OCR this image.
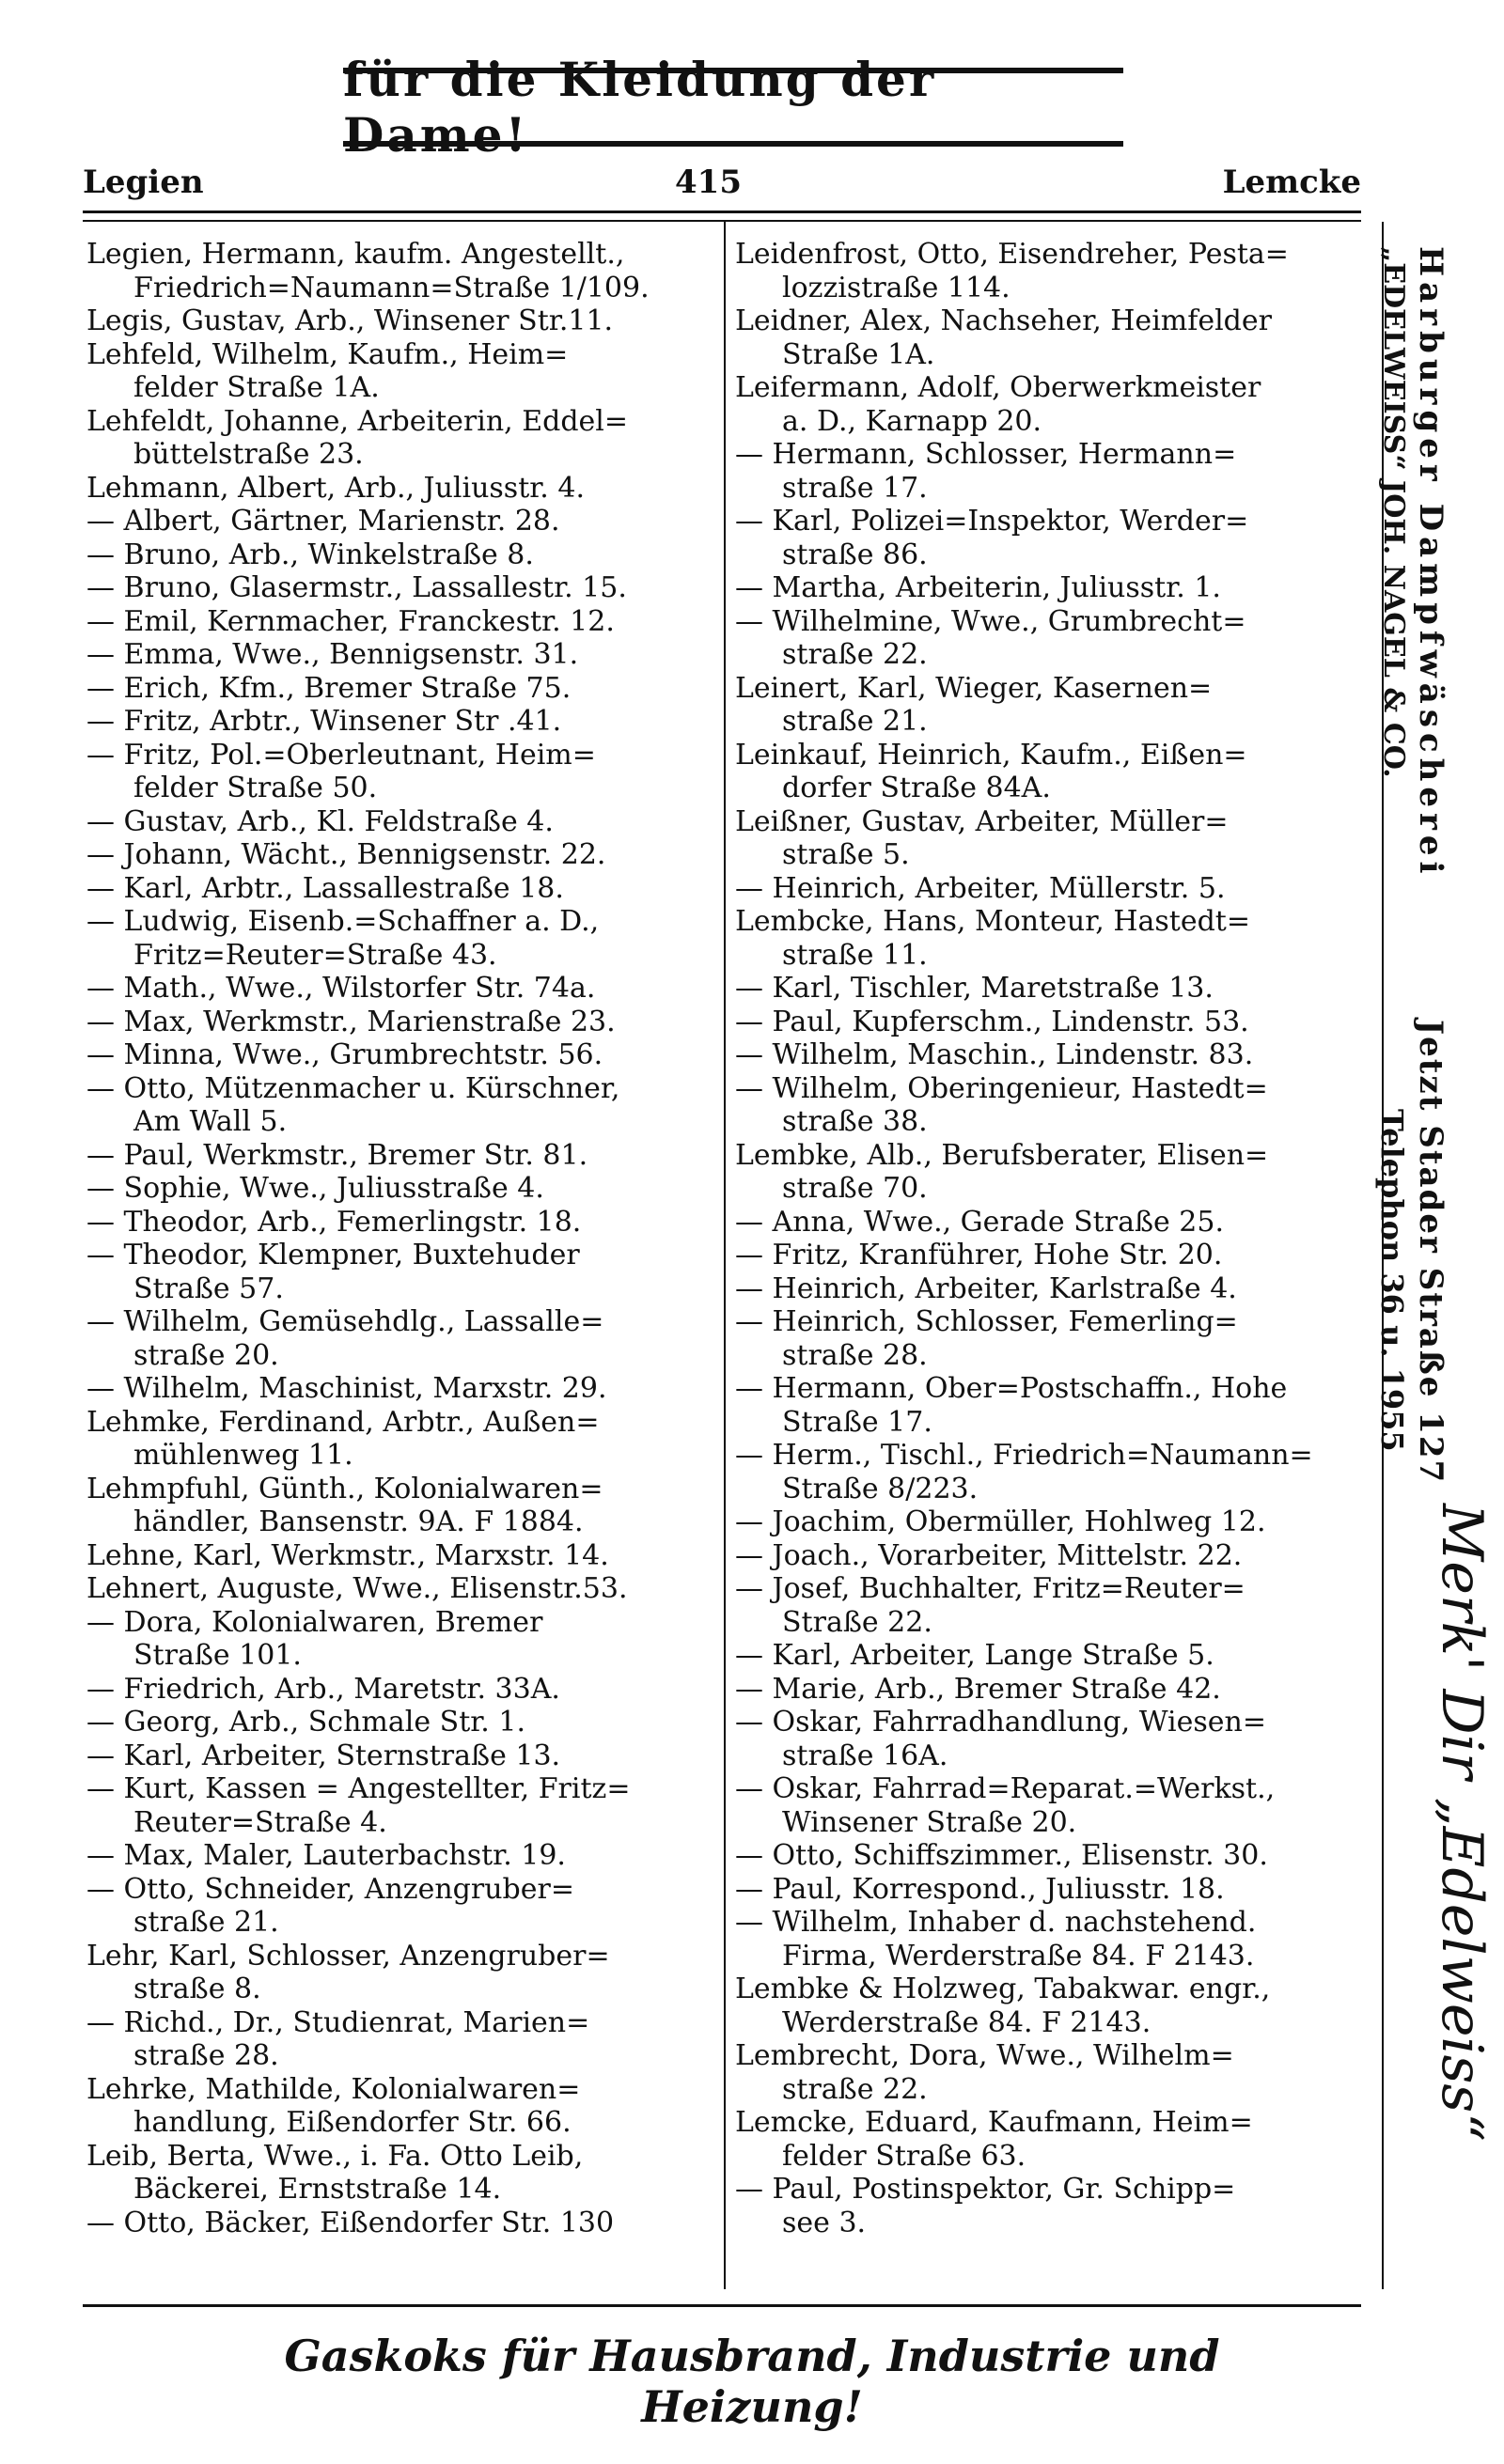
für die Kleidung der Dame!
Legien	415	Lemcke
Legien, Hermann, kaufm. Angestellt.,
Friedrich=Naumann=Straße 1/109.
Legis, Gustav, Arb., Winsener Str.11.
Lehfeld, Wilhelm, Kaufm., Heim=
felder Straße 1A.
Lehfeldt, Johanne, Arbeiterin, Eddel=
büttelstraße 23.
Lehmann, Albert, Arb., Juliusstr. 4.
— Albert, Gärtner, Marienstr. 28.
— Bruno, Arb., Winkelstraße 8.
— Bruno, Glasermstr., Lassallestr. 15.
— Emil, Kernmacher, Franckestr. 12.
— Emma, Wwe., Bennigsenstr. 31.
— Erich, Kfm., Bremer Straße 75.
— Fritz, Arbtr., Winsener Str .41.
— Fritz, Pol.=Oberleutnant, Heim=
felder Straße 50.
— Gustav, Arb., Kl. Feldstraße 4.
— Johann, Wächt., Bennigsenstr. 22.
— Karl, Arbtr., Lassallestraße 18.
— Ludwig, Eisenb.=Schaffner a. D.,
Fritz=Reuter=Straße 43.
— Math., Wwe., Wilstorfer Str. 74a.
— Max, Werkmstr., Marienstraße 23.
— Minna, Wwe., Grumbrechtstr. 56.
— Otto, Mützenmacher u. Kürschner,
Am Wall 5.
— Paul, Werkmstr., Bremer Str. 81.
— Sophie, Wwe., Juliusstraße 4.
— Theodor, Arb., Femerlingstr. 18.
— Theodor, Klempner, Buxtehuder
Straße 57.
— Wilhelm, Gemüsehdlg., Lassalle=
straße 20.
— Wilhelm, Maschinist, Marxstr. 29.
Lehmke, Ferdinand, Arbtr., Außen=
mühlenweg 11.
Lehmpfuhl, Günth., Kolonialwaren=
händler, Bansenstr. 9A. F 1884.
Lehne, Karl, Werkmstr., Marxstr. 14.
Lehnert, Auguste, Wwe., Elisenstr.53.
— Dora, Kolonialwaren, Bremer
Straße 101.
— Friedrich, Arb., Maretstr. 33A.
— Georg, Arb., Schmale Str. 1.
— Karl, Arbeiter, Sternstraße 13.
— Kurt, Kassen = Angestellter, Fritz=
Reuter=Straße 4.
— Max, Maler, Lauterbachstr. 19.
— Otto, Schneider, Anzengruber=
straße 21.
Lehr, Karl, Schlosser, Anzengruber=
straße 8.
— Richd., Dr., Studienrat, Marien=
straße 28.
Lehrke, Mathilde, Kolonialwaren=
handlung, Eißendorfer Str. 66.
Leib, Berta, Wwe., i. Fa. Otto Leib,
Bäckerei, Ernststraße 14.
— Otto, Bäcker, Eißendorfer Str. 130
Leidenfrost, Otto, Eisendreher, Pesta=
lozzistraße 114.
Leidner, Alex, Nachseher, Heimfelder
Straße 1A.
Leifermann, Adolf, Oberwerkmeister
a. D., Karnapp 20.
— Hermann, Schlosser, Hermann=
straße 17.
— Karl, Polizei=Inspektor, Werder=
straße 86.
— Martha, Arbeiterin, Juliusstr. 1.
— Wilhelmine, Wwe., Grumbrecht=
straße 22.
Leinert, Karl, Wieger, Kasernen=
straße 21.
Leinkauf, Heinrich, Kaufm., Eißen=
dorfer Straße 84A.
Leißner, Gustav, Arbeiter, Müller=
straße 5.
— Heinrich, Arbeiter, Müllerstr. 5.
Lembcke, Hans, Monteur, Hastedt=
straße 11.
— Karl, Tischler, Maretstraße 13.
— Paul, Kupferschm., Lindenstr. 53.
— Wilhelm, Maschin., Lindenstr. 83.
— Wilhelm, Oberingenieur, Hastedt=
straße 38.
Lembke, Alb., Berufsberater, Elisen=
straße 70.
— Anna, Wwe., Gerade Straße 25.
— Fritz, Kranführer, Hohe Str. 20.
— Heinrich, Arbeiter, Karlstraße 4.
— Heinrich, Schlosser, Femerling=
straße 28.
— Hermann, Ober=Postschaffn., Hohe
Straße 17.
— Herm., Tischl., Friedrich=Naumann=
Straße 8/223.
— Joachim, Obermüller, Hohlweg 12.
— Joach., Vorarbeiter, Mittelstr. 22.
— Josef, Buchhalter, Fritz=Reuter=
Straße 22.
— Karl, Arbeiter, Lange Straße 5.
— Marie, Arb., Bremer Straße 42.
— Oskar, Fahrradhandlung, Wiesen=
straße 16A.
— Oskar, Fahrrad=Reparat.=Werkst.,
Winsener Straße 20.
— Otto, Schiffszimmer., Elisenstr. 30.
— Paul, Korrespond., Juliusstr. 18.
— Wilhelm, Inhaber d. nachstehend.
Firma, Werderstraße 84. F 2143.
Lembke & Holzweg, Tabakwar. engr.,
Werderstraße 84. F 2143.
Lembrecht, Dora, Wwe., Wilhelm=
straße 22.
Lemcke, Eduard, Kaufmann, Heim=
felder Straße 63.
— Paul, Postinspektor, Gr. Schipp=
see 3.
Harburger Dampfwäscherei
„EDELWEISS“ JOH. NAGEL & CO.
Jetzt Stader Straße 127
Telephon 36 u. 1955
Merk' Dir „Edelweiss“
Gaskoks für Hausbrand, Industrie und Heizung!
